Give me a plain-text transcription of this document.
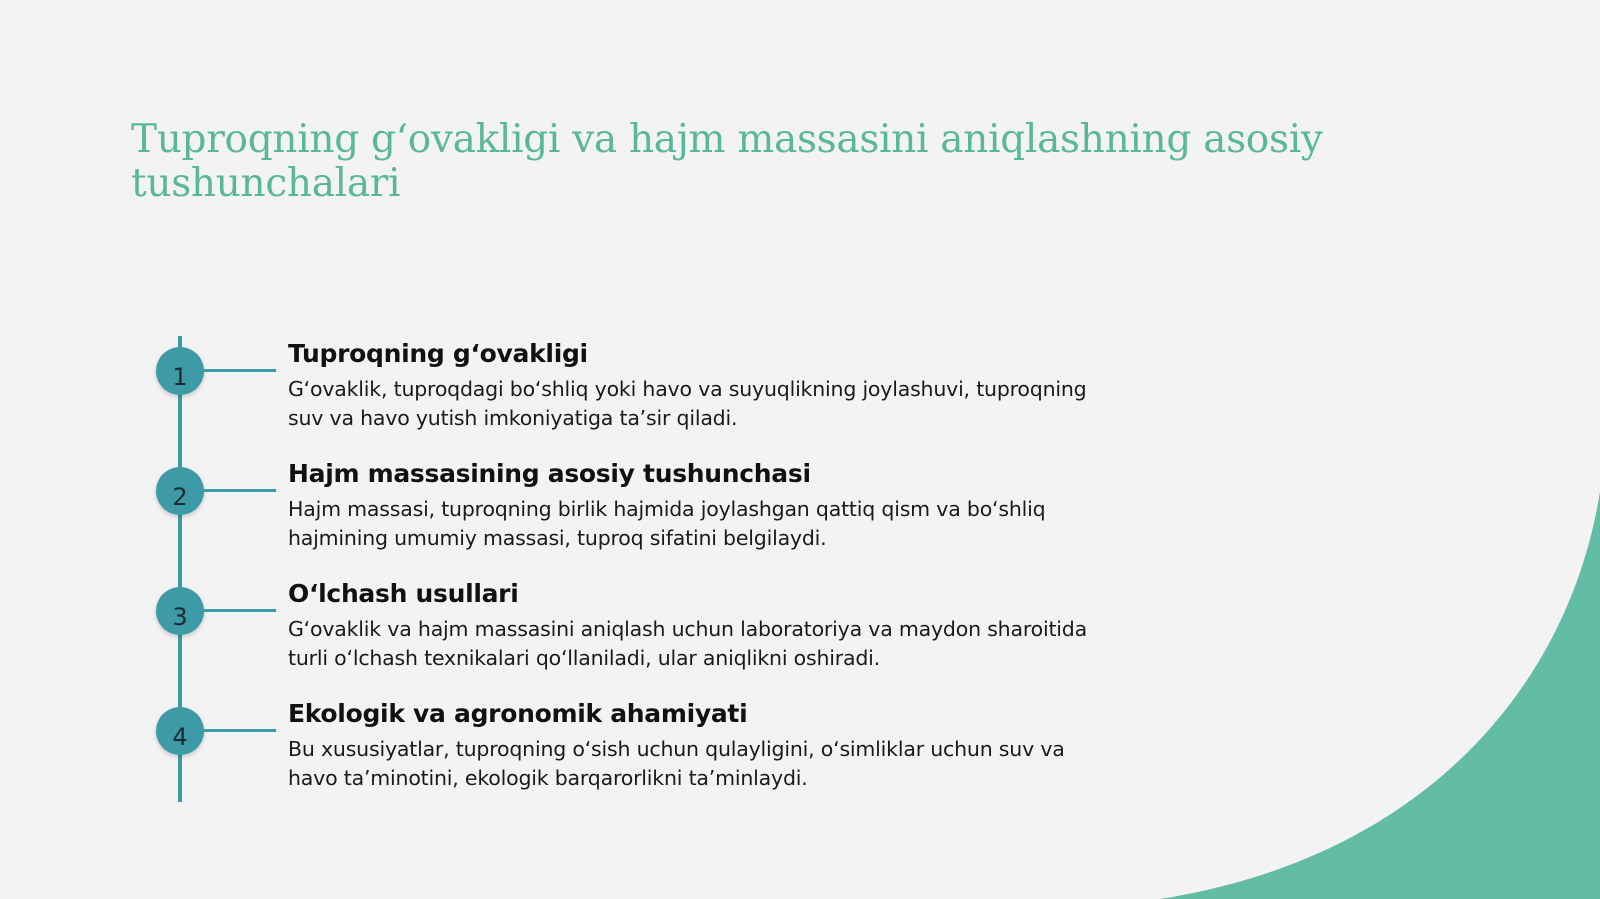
Tuproqning g‘ovakligi va hajm massasini aniqlashning asosiy tushunchalari
1
Tuproqning g‘ovakligi

G‘ovaklik, tuproqdagi bo‘shliq yoki havo va suyuqlikning joylashuvi, tuproqning suv va havo yutish imkoniyatiga ta’sir qiladi.

2
Hajm massasining asosiy tushunchasi

Hajm massasi, tuproqning birlik hajmida joylashgan qattiq qism va bo‘shliq hajmining umumiy massasi, tuproq sifatini belgilaydi.

3
O‘lchash usullari

G‘ovaklik va hajm massasini aniqlash uchun laboratoriya va maydon sharoitida turli o‘lchash texnikalari qo‘llaniladi, ular aniqlikni oshiradi.

4
Ekologik va agronomik ahamiyati

Bu xususiyatlar, tuproqning o‘sish uchun qulayligini, o‘simliklar uchun suv va havo ta’minotini, ekologik barqarorlikni ta’minlaydi.
